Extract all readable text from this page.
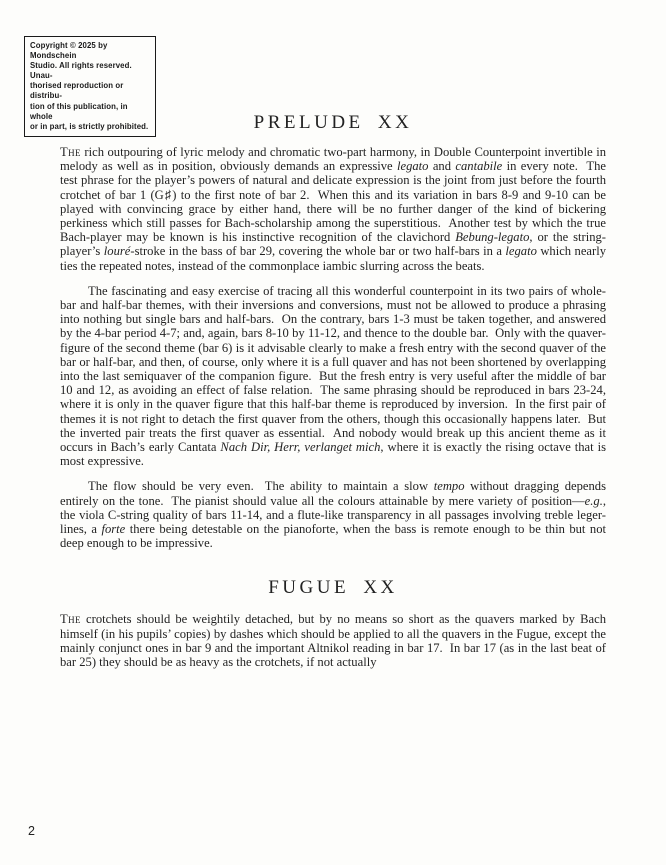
Copyright © 2025 by Mondschein
Studio. All rights reserved. Unau-
thorised reproduction or distribu-
tion of this publication, in whole
or in part, is strictly prohibited.	PRELUDE XX

The rich outpouring of lyric melody and chromatic two-part harmony, in Double Counterpoint invertible in melody as well as in position, obviously demands an expressive legato and cantabile in every note.  The test phrase for the player’s powers of natural and delicate expression is the joint from just before the fourth crotchet of bar 1 (G♯) to the first note of bar 2.  When this and its variation in bars 8-9 and 9-10 can be played with convincing grace by either hand, there will be no further danger of the kind of bickering perkiness which still passes for Bach-scholarship among the superstitious.  Another test by which the true Bach-player may be known is his instinctive recognition of the clavichord Bebung-legato, or the string-player’s louré-stroke in the bass of bar 29, covering the whole bar or two half-bars in a legato which nearly ties the repeated notes, instead of the commonplace iambic slurring across the beats.

The fascinating and easy exercise of tracing all this wonderful counterpoint in its two pairs of whole-bar and half-bar themes, with their inversions and conversions, must not be allowed to produce a phrasing into nothing but single bars and half-bars.  On the contrary, bars 1-3 must be taken together, and answered by the 4-bar period 4-7; and, again, bars 8-10 by 11-12, and thence to the double bar.  Only with the quaver-figure of the second theme (bar 6) is it advisable clearly to make a fresh entry with the second quaver of the bar or half-bar, and then, of course, only where it is a full quaver and has not been shortened by overlapping into the last semiquaver of the companion figure.  But the fresh entry is very useful after the middle of bar 10 and 12, as avoiding an effect of false relation.  The same phrasing should be reproduced in bars 23-24, where it is only in the quaver figure that this half-bar theme is reproduced by inversion.  In the first pair of themes it is not right to detach the first quaver from the others, though this occasionally happens later.  But the inverted pair treats the first quaver as essential.  And nobody would break up this ancient theme as it occurs in Bach’s early Cantata Nach Dir, Herr, verlanget mich, where it is exactly the rising octave that is most expressive.

The flow should be very even.  The ability to maintain a slow tempo without dragging depends entirely on the tone.  The pianist should value all the colours attainable by mere variety of position—e.g., the viola C-string quality of bars 11-14, and a flute-like transparency in all passages involving treble leger-lines, a forte there being detestable on the pianoforte, when the bass is remote enough to be thin but not deep enough to be impressive.

FUGUE XX

The crotchets should be weightily detached, but by no means so short as the quavers marked by Bach himself (in his pupils’ copies) by dashes which should be applied to all the quavers in the Fugue, except the mainly conjunct ones in bar 9 and the important Altnikol reading in bar 17.  In bar 17 (as in the last beat of bar 25) they should be as heavy as the crotchets, if not actually

2
